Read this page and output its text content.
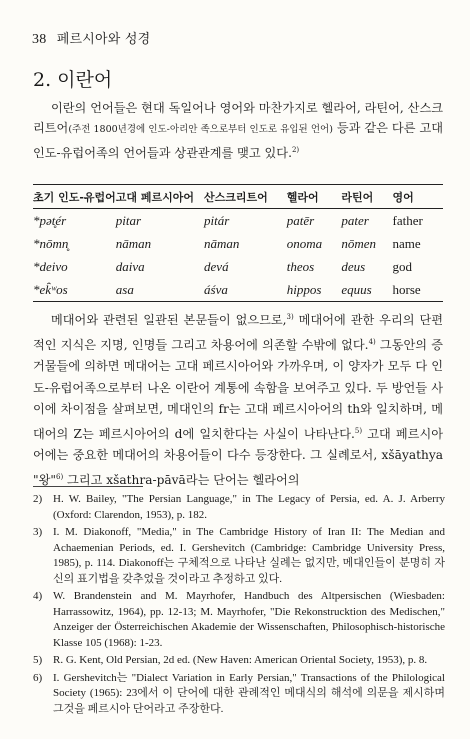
38 페르시아와 성경
2. 이란어

이란의 언어들은 현대 독일어나 영어와 마찬가지로 헬라어, 라틴어, 산스크리트어(주전 1800년경에 인도-아리안 족으로부터 인도로 유입된 언어) 등과 같은 다른 고대 인도-유럽어족의 언어들과 상관관계를 맺고 있다.$^{2)}$

초기 인도-유럽어	고대 페르시아어	산스크리트어	헬라어	라틴어	영어
*pət̥ér	pitar	pitár	patēr	pater	father
*nōmn̥	nāman	nāman	onoma	nōmen	name
*deivo	daiva	devá	theos	deus	god
*ek̑ʷos	asa	áśva	hippos	equus	horse

메대어와 관련된 일관된 본문들이 없으므로,$^{3)}$ 메대어에 관한 우리의 단편적인 지식은 지명, 인명들 그리고 차용어에 의존할 수밖에 없다.$^{4)}$ 그동안의 증거물들에 의하면 메대어는 고대 페르시아어와 가까우며, 이 양자가 모두 다 인도-유럽어족으로부터 나온 이란어 계통에 속함을 보여주고 있다. 두 방언들 사이에 차이점을 살펴보면, 메대인의 fr는 고대 페르시아어의 th와 일치하며, 메대어의 Z는 페르시아어의 d에 일치한다는 사실이 나타난다.$^{5)}$ 고대 페르시아어에는 중요한 메대어의 차용어들이 다수 등장한다. 그 실례로서, xšāyathya "왕"$^{6)}$ 그리고 xšathra-pāvā라는 단어는 헬라어의

2) H. W. Bailey, "The Persian Language," in The Legacy of Persia, ed. A. J. Arberry (Oxford: Clarendon, 1953), p. 182.
3) I. M. Diakonoff, "Media," in The Cambridge History of Iran II: The Median and Achaemenian Periods, ed. I. Gershevitch (Cambridge: Cambridge University Press, 1985), p. 114. Diakonoff는 구체적으로 나타난 실례는 없지만, 메대인들이 분명히 자신의 표기법을 갖추었을 것이라고 추정하고 있다.
4) W. Brandenstein and M. Mayrhofer, Handbuch des Altpersischen (Wiesbaden: Harrassowitz, 1964), pp. 12-13; M. Mayrhofer, "Die Rekonstrucktion des Medischen," Anzeiger der Österreichischen Akademie der Wissenschaften, Philosophisch-historische Klasse 105 (1968): 1-23.
5) R. G. Kent, Old Persian, 2d ed. (New Haven: American Oriental Society, 1953), p. 8.
6) I. Gershevitch는 "Dialect Variation in Early Persian," Transactions of the Philological Society (1965): 23에서 이 단어에 대한 관례적인 메대식의 해석에 의문을 제시하며 그것을 페르시아 단어라고 주장한다.
